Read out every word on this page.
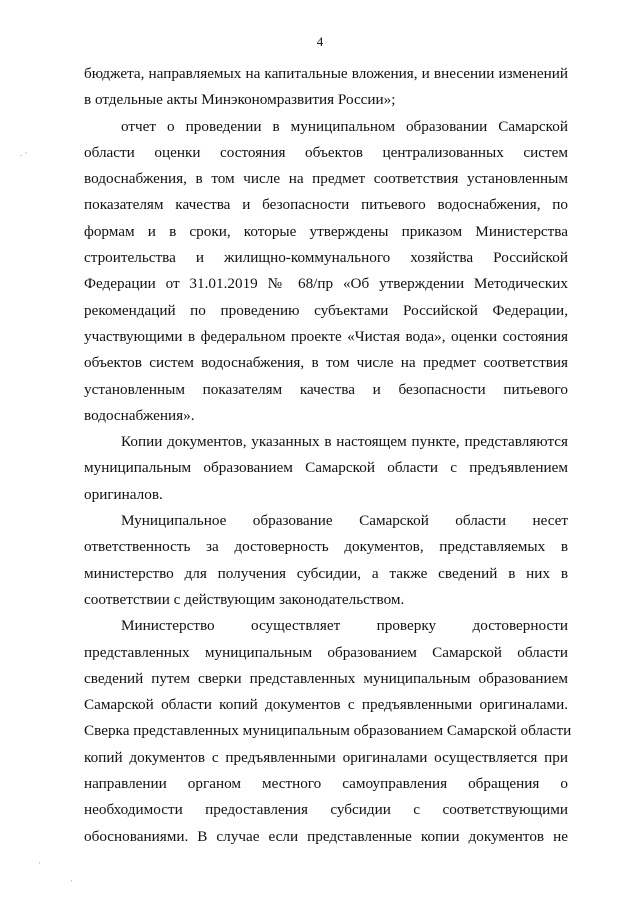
4
. ·
·
·
бюджета, направляемых на капитальные вложения, и внесении изменений
в отдельные акты Минэкономразвития России»;
отчет о проведении в муниципальном образовании Самарской
области оценки состояния объектов централизованных систем
водоснабжения, в том числе на предмет соответствия установленным
показателям качества и безопасности питьевого водоснабжения, по
формам и в сроки, которые утверждены приказом Министерства
строительства и жилищно-коммунального хозяйства Российской
Федерации от 31.01.2019 № 68/пр «Об утверждении Методических
рекомендаций по проведению субъектами Российской Федерации,
участвующими в федеральном проекте «Чистая вода», оценки состояния
объектов систем водоснабжения, в том числе на предмет соответствия
установленным показателям качества и безопасности питьевого
водоснабжения».
Копии документов, указанных в настоящем пункте, представляются
муниципальным образованием Самарской области с предъявлением
оригиналов.
Муниципальное образование Самарской области несет
ответственность за достоверность документов, представляемых в
министерство для получения субсидии, а также сведений в них в
соответствии с действующим законодательством.
Министерство осуществляет проверку достоверности
представленных муниципальным образованием Самарской области
сведений путем сверки представленных муниципальным образованием
Самарской области копий документов с предъявленными оригиналами.
Сверка представленных муниципальным образованием Самарской области
копий документов с предъявленными оригиналами осуществляется при
направлении органом местного самоуправления обращения о
необходимости предоставления субсидии с соответствующими
обоснованиями. В случае если представленные копии документов не
